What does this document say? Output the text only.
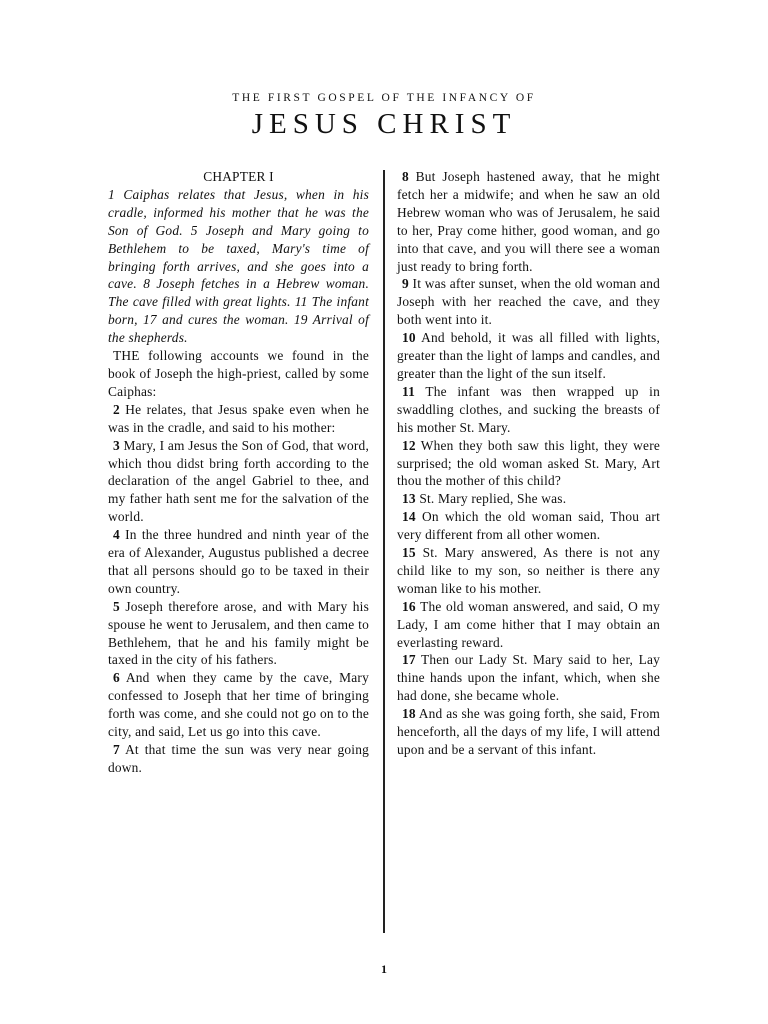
THE FIRST GOSPEL OF THE INFANCY OF
JESUS CHRIST

CHAPTER I

1 Caiphas relates that Jesus, when in his cradle, informed his mother that he was the Son of God. 5 Joseph and Mary going to Bethlehem to be taxed, Mary's time of bringing forth arrives, and she goes into a cave. 8 Joseph fetches in a Hebrew woman. The cave filled with great lights. 11 The infant born, 17 and cures the woman. 19 Arrival of the shepherds.

THE following accounts we found in the book of Joseph the high-priest, called by some Caiphas:

2 He relates, that Jesus spake even when he was in the cradle, and said to his mother:

3 Mary, I am Jesus the Son of God, that word, which thou didst bring forth according to the declaration of the angel Gabriel to thee, and my father hath sent me for the salvation of the world.

4 In the three hundred and ninth year of the era of Alexander, Augustus published a decree that all persons should go to be taxed in their own country.

5 Joseph therefore arose, and with Mary his spouse he went to Jerusalem, and then came to Bethlehem, that he and his family might be taxed in the city of his fathers.

6 And when they came by the cave, Mary confessed to Joseph that her time of bringing forth was come, and she could not go on to the city, and said, Let us go into this cave.

7 At that time the sun was very near going down.

8 But Joseph hastened away, that he might fetch her a midwife; and when he saw an old Hebrew woman who was of Jerusalem, he said to her, Pray come hither, good woman, and go into that cave, and you will there see a woman just ready to bring forth.

9 It was after sunset, when the old woman and Joseph with her reached the cave, and they both went into it.

10 And behold, it was all filled with lights, greater than the light of lamps and candles, and greater than the light of the sun itself.

11 The infant was then wrapped up in swaddling clothes, and sucking the breasts of his mother St. Mary.

12 When they both saw this light, they were surprised; the old woman asked St. Mary, Art thou the mother of this child?

13 St. Mary replied, She was.

14 On which the old woman said, Thou art very different from all other women.

15 St. Mary answered, As there is not any child like to my son, so neither is there any woman like to his mother.

16 The old woman answered, and said, O my Lady, I am come hither that I may obtain an everlasting reward.

17 Then our Lady St. Mary said to her, Lay thine hands upon the infant, which, when she had done, she became whole.

18 And as she was going forth, she said, From henceforth, all the days of my life, I will attend upon and be a servant of this infant.

1
